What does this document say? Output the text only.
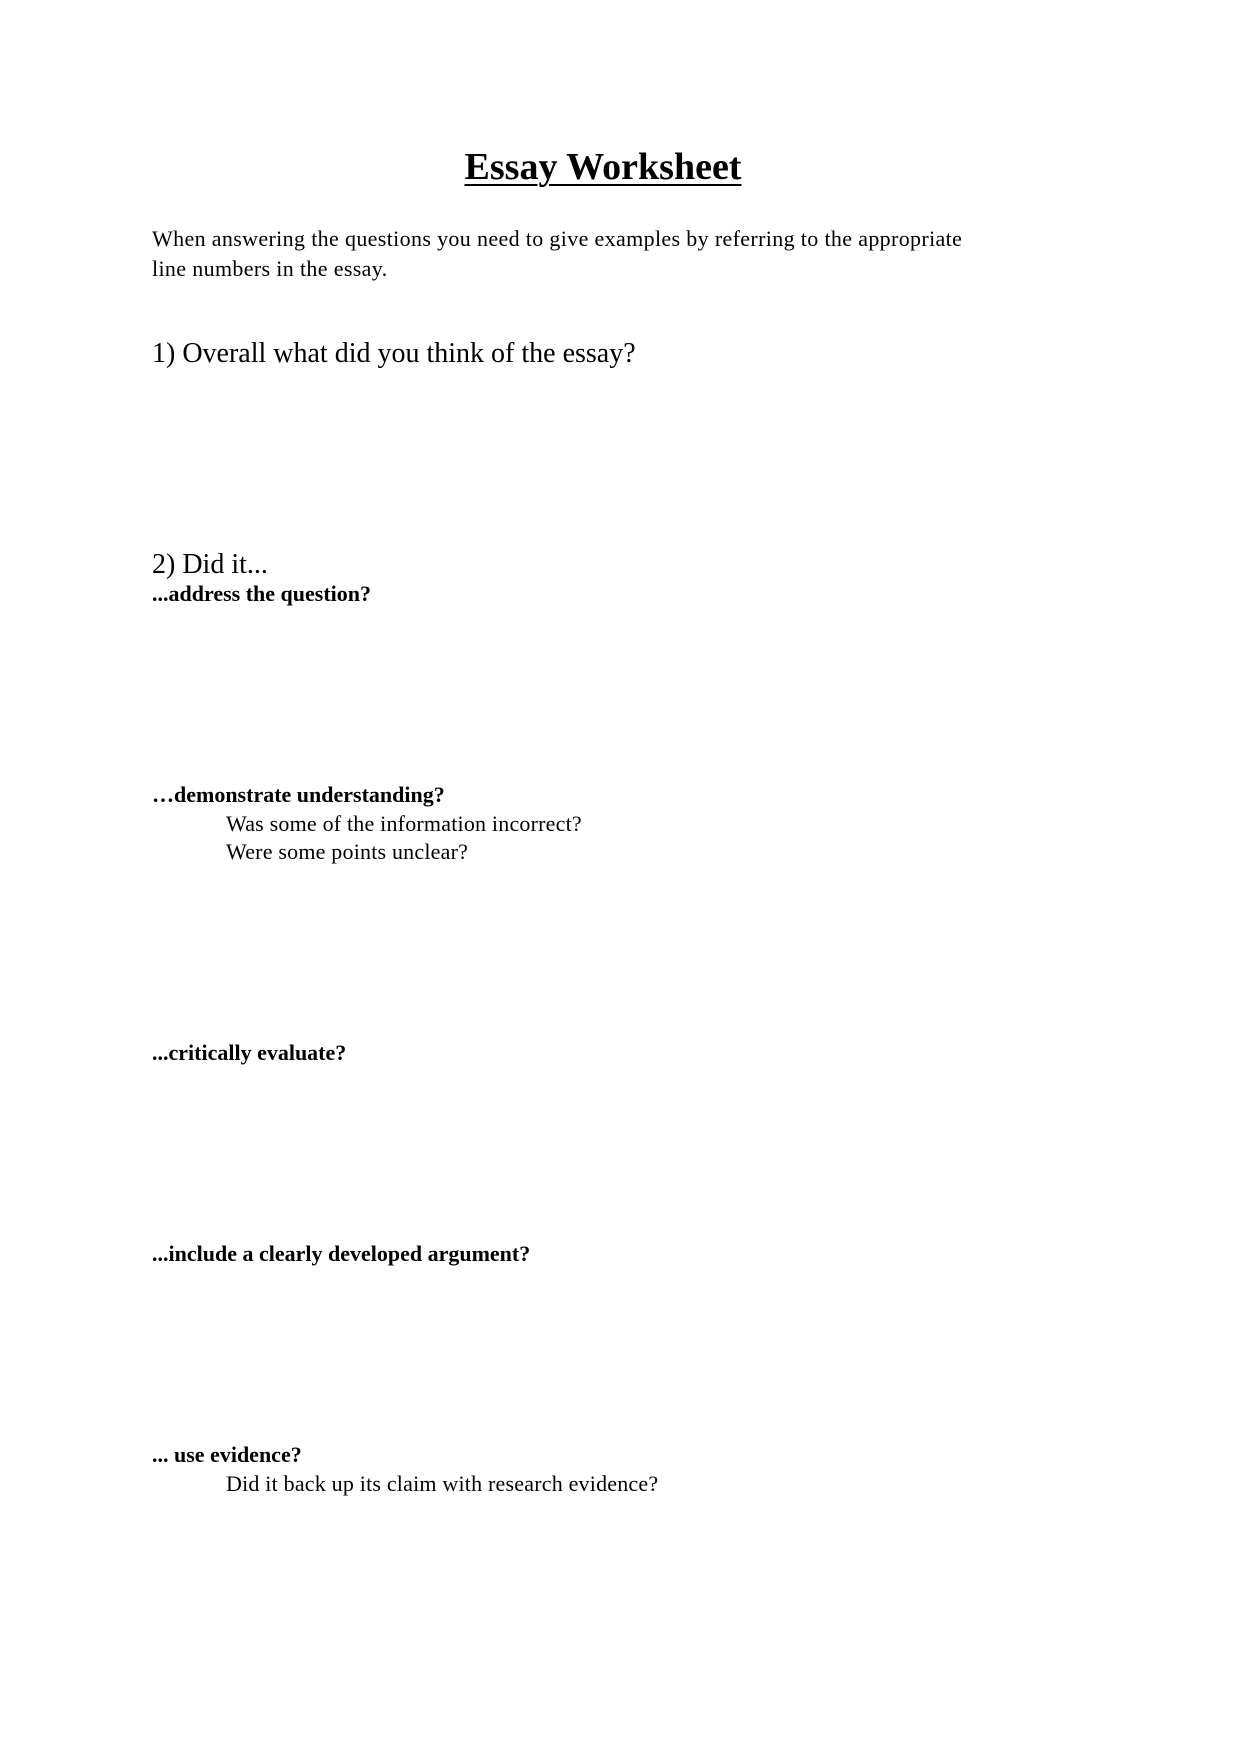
Essay Worksheet

When answering the questions you need to give examples by referring to the appropriate
line numbers in the essay.

1) Overall what did you think of the essay?

2) Did it...

...address the question?

…demonstrate understanding?

Was some of the information incorrect?

Were some points unclear?

...critically evaluate?

...include a clearly developed argument?

... use evidence?

Did it back up its claim with research evidence?
